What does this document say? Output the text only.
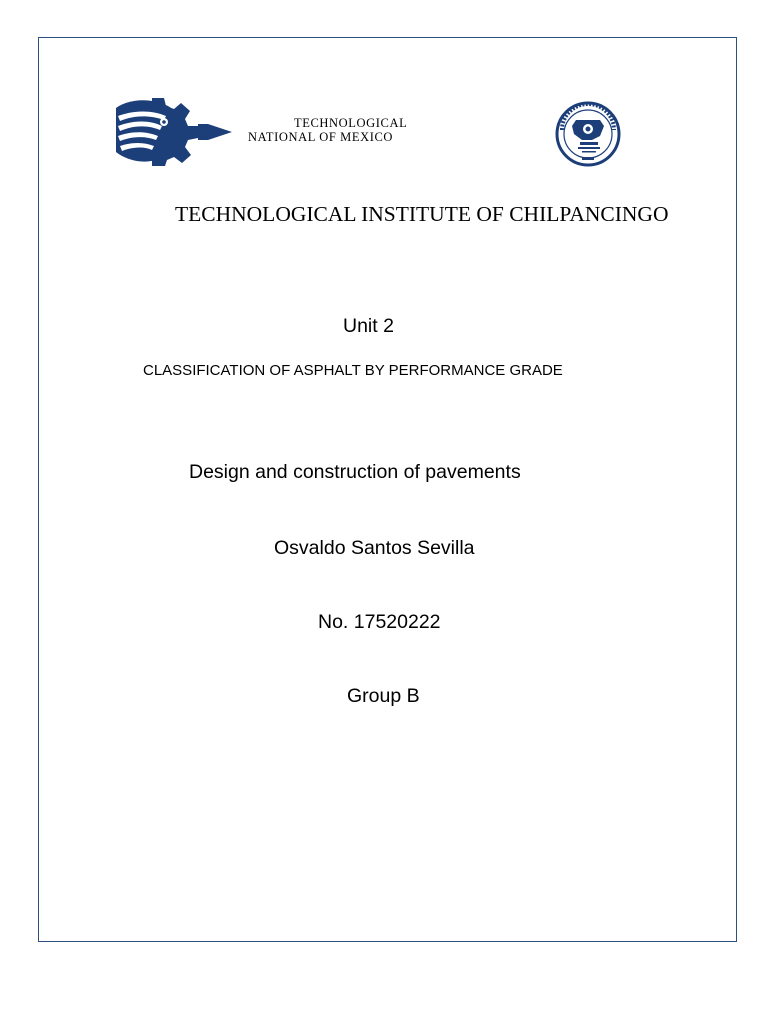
TECHNOLOGICAL
NATIONAL OF MEXICO
TECHNOLOGICAL INSTITUTE OF CHILPANCINGO
Unit 2
CLASSIFICATION OF ASPHALT BY PERFORMANCE GRADE
Design and construction of pavements
Osvaldo Santos Sevilla
No. 17520222
Group B
